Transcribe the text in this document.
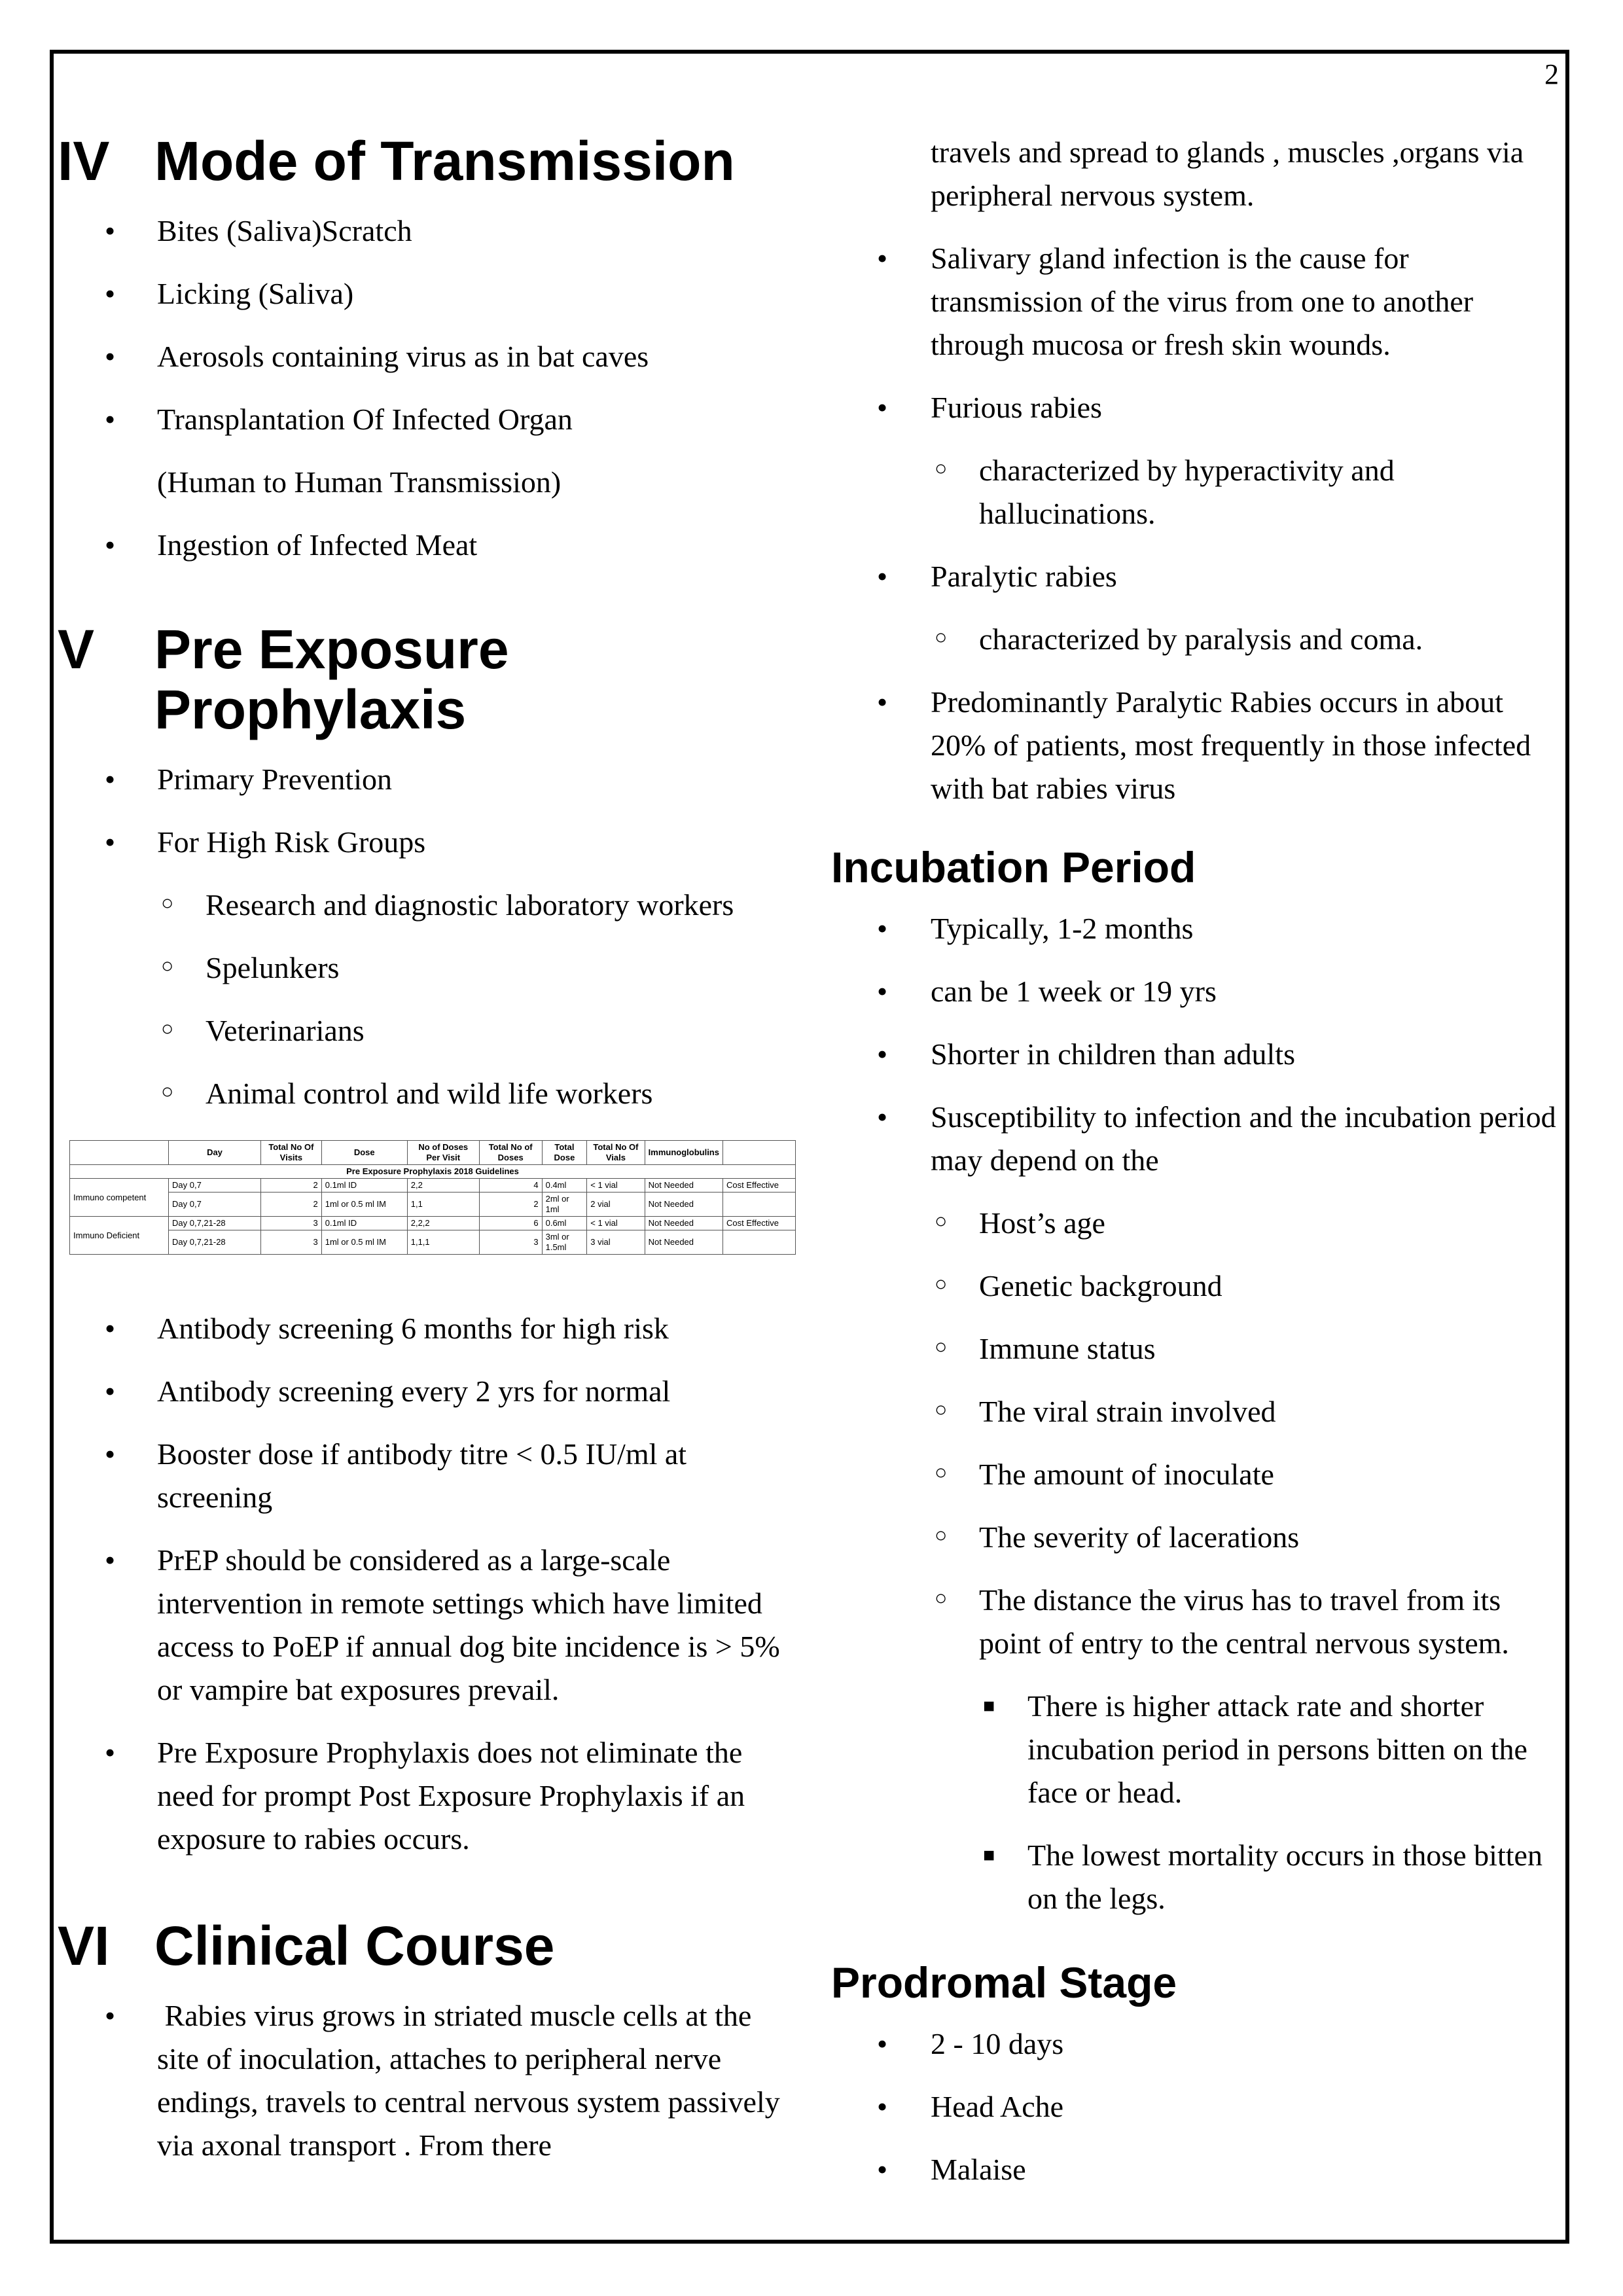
2
IV Mode of Transmission
• Bites (Saliva)Scratch
• Licking (Saliva)
• Aerosols containing virus as in bat caves
• Transplantation Of Infected Organ
(Human to Human Transmission)
• Ingestion of Infected Meat
V	Pre Exposure Prophylaxis
• Primary Prevention
• For High Risk Groups
○ Research and diagnostic laboratory workers
○ Spelunkers
○ Veterinarians
○ Animal control and wild life workers
	Day	Total No Of Visits	Dose	No of Doses Per Visit	Total No of Doses	Total Dose	Total No Of Vials	Immunoglobulins	
Pre Exposure Prophylaxis 2018 Guidelines									
Immuno competent	Day 0,7	2	0.1ml ID	2,2	4	0.4ml	< 1 vial	Not Needed	Cost Effective
	Day 0,7	2	1ml or 0.5 ml IM	1,1	2	2ml or 1ml	2 vial	Not Needed	
Immuno Deficient	Day 0,7,21-28	3	0.1ml ID	2,2,2	6	0.6ml	< 1 vial	Not Needed	Cost Effective
	Day 0,7,21-28	3	1ml or 0.5 ml IM	1,1,1	3	3ml or 1.5ml	3 vial	Not Needed	
• Antibody screening 6 months for high risk
• Antibody screening every 2 yrs for normal
• Booster dose if antibody titre < 0.5 IU/ml at screening
• PrEP should be considered as a large-scale intervention in remote settings which have limited access to PoEP if annual dog bite incidence is > 5% or vampire bat exposures prevail.
• Pre Exposure Prophylaxis does not eliminate the need for prompt Post Exposure Prophylaxis if an exposure to rabies occurs.
VI Clinical Course
•  Rabies virus grows in striated muscle cells at the site of inoculation, attaches to peripheral nerve endings, travels to central nervous system passively via axonal transport . From there

travels and spread to glands , muscles ,organs via peripheral nervous system.

• Salivary gland infection is the cause for transmission of the virus from one to another through mucosa or fresh skin wounds.
• Furious rabies
○ characterized by hyperactivity and hallucinations.
• Paralytic rabies
○ characterized by paralysis and coma.
• Predominantly Paralytic Rabies occurs in about 20% of patients, most frequently in those infected with bat rabies virus
Incubation Period
• Typically, 1-2 months
• can be 1 week or 19 yrs
• Shorter in children than adults
• Susceptibility to infection and the incubation period may depend on the
○ Host’s age
○ Genetic background
○ Immune status
○ The viral strain involved
○ The amount of inoculate
○ The severity of lacerations
○ The distance the virus has to travel from its point of entry to the central nervous system.
■ There is higher attack rate and shorter incubation period in persons bitten on the face or head.
■ The lowest mortality occurs in those bitten on the legs.
Prodromal Stage
• 2 - 10 days
• Head Ache
• Malaise
